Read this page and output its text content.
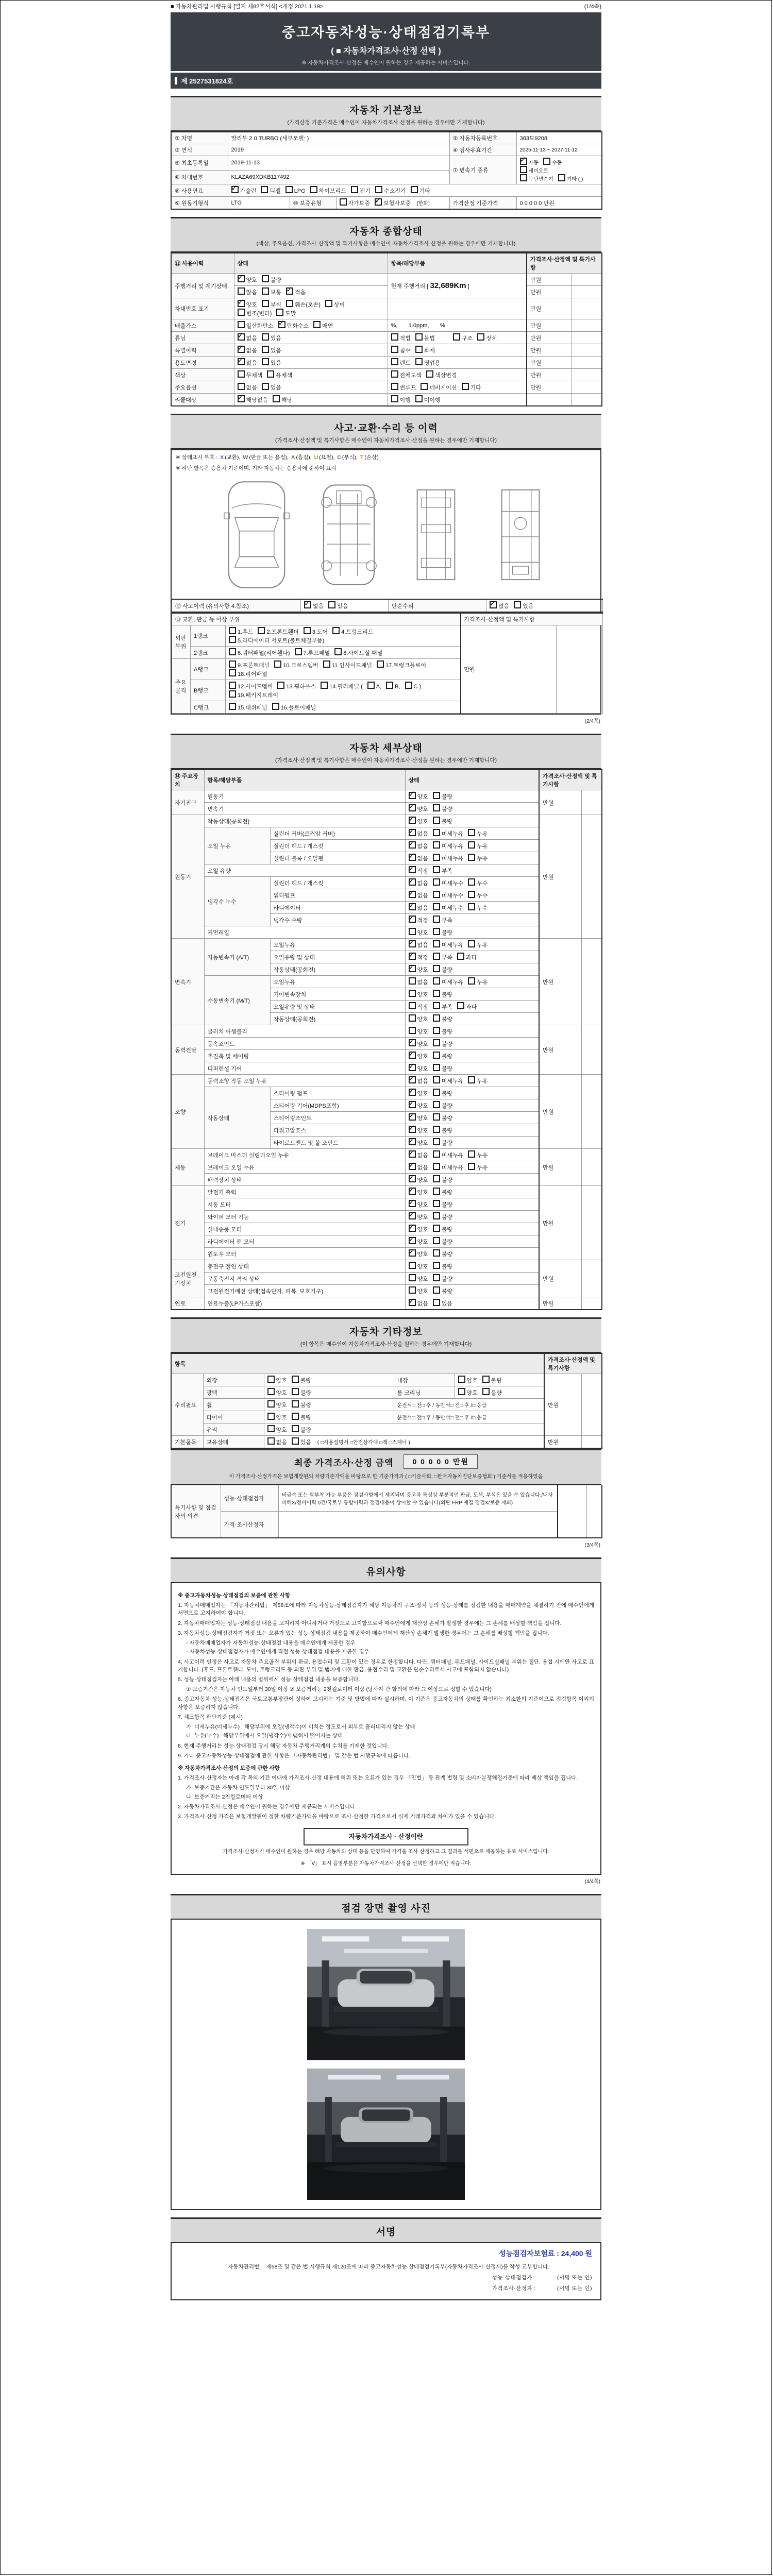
■ 자동차관리법 시행규칙 [별지 제82호서식] <개정 2021.1.19>	(1/4쪽)
중고자동차성능·상태점검기록부
( ■ 자동차가격조사·산정 선택 )
※ 자동차가격조사·산정은 매수인이 원하는 경우 제공하는 서비스입니다.
제 2527531824호
자동차 기본정보
(가격산정 기준가격은 매수인이 자동차가격조사·산정을 원하는 경우에만 기재합니다)
① 차명	말리부 2.0 TURBO (세부모델: )			② 자동차등록번호	383보9208
③ 연식	2019			④ 검사유효기간	2025-11-13 ~ 2027-11-12
⑤ 최초등록일	2019-11-13			⑦ 변속기 종류	✓자동 수동세미오토
무단변속기 기타 ( )
⑥ 차대번호	KLAZA69XDKB117492				
⑧ 사용연료	✓가솔린 디젤 LPG 하이브리드 전기 수소전기 기타
⑨ 원동기형식	LTG	⑩ 보증유형	자가보증 ✓ 보험사보증 [한화]	가격산정 기준가격	0 0 0 0 0 만원
자동차 종합상태
(색상, 주요옵션, 가격조사·산정액 및 특기사항은 매수인이 자동차가격조사·산정을 원하는 경우에만 기재합니다)
⑪ 사용이력	상태	항목/해당부품	가격조사·산정액 및 특기사항	
주행거리 및 계기상태	✓양호 불량	현재 주행거리 [ 32,689Km ]	만원	
	많음 보통 ✓ 적음		만원	
차대번호 표기	✓양호 부식 훼손(오손) 상이변조(변타) 도말		만원	
배출가스	일산화탄소 ✓ 탄화수소 매연	%,       1.0ppm,       %	만원	
튜닝	✓없음 있음	적법 불법 구조 장치	만원	
특별이력	✓없음 있음	침수 화재	만원	
용도변경	✓없음 있음	렌트 영업용	만원	
색상	무채색 유채색	전체도색 색상변경	만원	
주요옵션	없음 있음	썬루프 네비게이션 기타	만원	
리콜대상	✓해당없음 해당	이행 미이행		
사고·교환·수리 등 이력
(가격조사·산정액 및 특기사항은 매수인이 자동차가격조사·산정을 원하는 경우에만 기재합니다)
※ 상태표시 부호 : X (교환), W (판금 또는 용접), A (흠집), U (요철), C (부식), T (손상)
※ 하단 항목은 승용차 기준이며, 기타 자동차는 승용차에 준하여 표시
⑫ 사고이력 (유의사항 4.참조)	✓없음 있음	단순수리	✓없음 있음
⑬ 교환, 판금 등 이상 부위			가격조사·산정액 및 특기사항	
외판부위	1랭크	1.후드 2.프론트휀더 3.도어 4.트렁크리드5.라디에이터 서포트(볼트체결부품)	만원	
	2랭크	6.쿼터패널(리어휀다) 7.루프패널 8.사이드실 패널		
주요골격	A랭크	9.프론트패널 10.크로스멤버 11.인사이드패널 17.트렁크플로어18.리어패널		
	B랭크	12.사이드멤버 13.휠하우스 14.필러패널 ( A, B, C )19.패키지트레이		
	C랭크	15.대쉬패널 16.플로어패널		
(2/4쪽)
자동차 세부상태
(가격조사·산정액 및 특기사항은 매수인이 자동차가격조사·산정을 원하는 경우에만 기재합니다)
⑭ 주요장치	항목/해당부품		상태	가격조사·산정액 및 특기사항	
자기진단	원동기	✓양호 불량	만원	
	변속기	✓양호 불량
원동기	작동상태(공회전)	✓양호 불량	만원	
	오일 누유	실린더 커버(로커암 커버)	✓없음 미세누유 누유
		실린더 헤드 / 개스킷	✓없음 미세누유 누유
		실린더 블록 / 오일팬	✓없음 미세누유 누유
	오일 유량	✓적정 부족
	냉각수 누수	실린더 헤드 / 개스킷	✓없음 미세누수 누수
		워터펌프	✓없음 미세누수 누수
		라디에이터	✓없음 미세누수 누수
		냉각수 수량	✓적정 부족
	커먼레일		양호 불량		
변속기	자동변속기 (A/T)	오일누유	✓없음 미세누유 누유	만원	
		오일유량 및 상태	✓적정 부족 과다
		작동상태(공회전)	✓양호 불량
	수동변속기 (M/T)	오일누유	없음 미세누유 누유		
		기어변속장치	양호 불량		
		오일유량 및 상태	적정 부족 과다		
		작동상태(공회전)	양호 불량		
동력전달	클러치 어셈블리		양호 불량	만원	
	등속죠인트	✓양호 불량
	추진축 및 베어링	✓양호 불량
	디퍼렌셜 기어	✓양호 불량
조향	동력조향 작동 오일 누유	✓없음 미세누유 누유	만원	
	작동상태	스티어링 펌프	✓양호 불량
		스티어링 기어(MDPS포함)	✓양호 불량
		스티어링조인트	✓양호 불량
		파워고압호스	✓양호 불량
		타이로드엔드 및 볼 조인트	✓양호 불량
제동	브레이크 마스터 실린더오일 누유	✓없음 미세누유 누유	만원	
	브레이크 오일 누유	✓없음 미세누유 누유
	배력장치 상태	✓양호 불량
전기	발전기 출력	✓양호 불량	만원	
	시동 모터	✓양호 불량
	와이퍼 모터 기능	✓양호 불량
	실내송풍 모터	✓양호 불량
	라디에이터 팬 모터	✓양호 불량
	윈도우 모터	✓양호 불량
고전원전기장치	충전구 절연 상태		양호 불량	만원	
	구동축전지 격리 상태		양호 불량		
	고전원전기배선 상태(접속단자, 피복, 보호기구)		양호 불량		
연료	연료누출(LP가스포함)	✓없음 있음	만원	
자동차 기타정보
(이 항목은 매수인이 자동차가격조사·산정을 원하는 경우에만 기재합니다)
항목					가격조사·산정액 및 특기사항	
수리필요	외장	양호 불량	내장	양호 불량	만원	
	광택	양호 불량	룸 크리닝	양호 불량		
	휠	양호 불량	운전석□ 전□ 후 / 동반석□ 전□ 후 /□ 응급			
	타이어	양호 불량	운전석□ 전□ 후 / 동반석□ 전□ 후 /□ 응급			
	유리	양호 불량				
기본품목	보유상태	없음 있음 ( □사용설명서 □안전삼각대 □잭 □스패너 )			만원	
최종 가격조사·산정 금액	0 0 0 0 0 만원
이 가격조사·산정가격은 보험개발원의 차량기준가액을 바탕으로 한 기준가격과 ( □기술사회, □한국자동차진단보증협회 ) 기준서를 적용하였음
특기사항 및 점검자의 의견	성능·상태점검자	비금속 또는 탈부착 가능 부품은 점검사항에서 제외되며 중고차 특성상 부분적인 판금, 도색, 부식은 있을 수 있습니다./내차피해X/정비이력 0건/국토부 통합이력과 점검내용이 상이할 수 있습니다(외판 FRP 재질 점검X/보증 제외)		
	가격·조사산정자			
(3/4쪽)
유의사항
※ 중고자동차성능·상태점검의 보증에 관한 사항

1. 자동차매매업자는 「자동차관리법」 제58조에 따라 자동차성능·상태점검자가 해당 자동차의 구조·장치 등의 성능·상태를 점검한 내용을 매매계약을 체결하기 전에 매수인에게 서면으로 고지하여야 합니다.

2. 자동차매매업자는 성능·상태점검 내용을 고지하지 아니하거나 거짓으로 고지함으로써 매수인에게 재산상 손해가 발생한 경우에는 그 손해를 배상할 책임을 집니다.

3. 자동차성능·상태점검자가 거짓 또는 오류가 있는 성능·상태점검 내용을 제공하여 매수인에게 재산상 손해가 발생한 경우에는 그 손해를 배상할 책임을 집니다.

- 자동차매매업자가 자동차성능·상태점검 내용을 매수인에게 제공한 경우

- 자동차성능·상태점검자가 매수인에게 직접 성능·상태점검 내용을 제공한 경우

4. 사고이력 인정은 사고로 자동차 주요골격 부위의 판금, 용접수리 및 교환이 있는 경우로 한정합니다. 다만, 쿼터패널, 루프패널, 사이드실패널 부위는 절단, 용접 시에만 사고로 표기합니다. (후드, 프론트휀더, 도어, 트렁크리드 등 외판 부위 및 범퍼에 대한 판금, 용접수리 및 교환은 단순수리로서 사고에 포함되지 않습니다)

5. 성능·상태점검자는 아래 내용의 범위에서 성능·상태점검 내용을 보증합니다.

① 보증기간은 자동차 인도일부터 30일 이상 ② 보증거리는 2천킬로미터 이상 (당사자 간 합의에 따라 그 이상으로 정할 수 있습니다)

6. 중고자동차 성능·상태점검은 국토교통부장관이 정하여 고시하는 기준 및 방법에 따라 실시하며, 이 기준은 중고자동차의 상태를 확인하는 최소한의 기준이므로 점검항목 이외의 사항은 보증하지 않습니다.

7. 체크항목 판단기준 (예시)

가. 미세누유(미세누수) : 해당부위에 오일(냉각수)이 비치는 정도로서 외부로 흘러내리지 않는 상태

나. 누유(누수) : 해당부위에서 오일(냉각수)이 맺혀서 떨어지는 상태

8. 현재 주행거리는 성능·상태점검 당시 해당 자동차 주행거리계의 수치를 기재한 것입니다.

9. 기타 중고자동차성능·상태점검에 관한 사항은 「자동차관리법」 및 같은 법 시행규칙에 따릅니다.

※ 자동차가격조사·산정의 보증에 관한 사항

1. 가격조사·산정자는 아래 각 목의 기간 이내에 가격조사·산정 내용에 허위 또는 오류가 있는 경우 「민법」 등 관계 법령 및 소비자분쟁해결기준에 따라 배상 책임을 집니다.

가. 보증기간은 자동차 인도일부터 30일 이상

나. 보증거리는 2천킬로미터 이상

2. 자동차가격조사·산정은 매수인이 원하는 경우에만 제공되는 서비스입니다.

3. 가격조사·산정 가격은 보험개발원이 정한 차량기준가액을 바탕으로 조사·산정한 가격으로서 실제 거래가격과 차이가 있을 수 있습니다.

자동차가격조사 · 산정이란
가격조사·산정자가 매수인이 원하는 경우 해당 자동차의 상태 등을 반영하여 가격을 조사·산정하고 그 결과를 서면으로 제공하는 유료 서비스입니다.
※ 「Ⅴ」 표시 음영부분은 자동차가격조사·산정을 선택한 경우에만 적습니다.
(4/4쪽)
점검 장면 촬영 사진
서명
성능점검자보험료 : 24,400 원
「자동차관리법」 제58조 및 같은 법 시행규칙 제120조에 따라 중고자동차성능·상태점검기록부(자동차가격조사·산정서)를 작성·교부합니다.
성능·상태점검자 :	(서명 또는 인)
가격조사·산정자 :	(서명 또는 인)
